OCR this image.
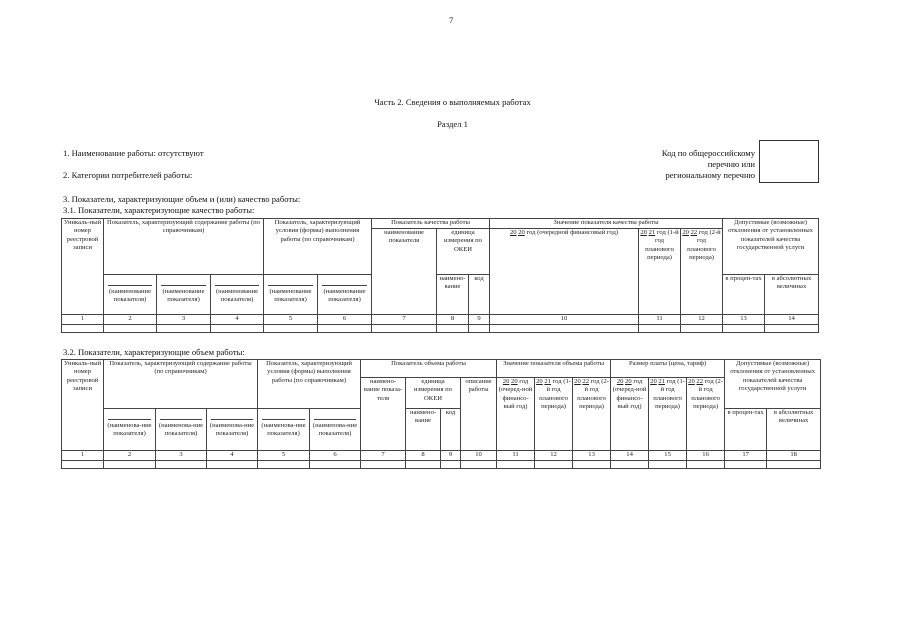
7
Часть 2. Сведения о выполняемых работах
Раздел 1
1. Наименование работы: отсутствуют
2. Категории потребителей работы:
Код по общероссийскому
перечню или
региональному перечню
3. Показатели, характеризующие объем и (или) качество работы:
3.1. Показатели, характеризующие качество работы:
Уникаль-ный номер реестровой записи	Показатель, характеризующий содержание работы (по справочникам)			Показатель, характеризующий условия (формы) выполнения работы (по справочникам)		Показатель качества работы			Значение показателя качества работы			Допустимые (возможные) отклонения от установленных показателей качества государственной услуги	
						наименование показателя	единица измерения по ОКЕИ		20 20 год (очередной финансовый год)	20 21 год (1-й год планового периода)	20 22 год (2-й год планового периода)		

(наименование показателя)	(наименование показателя)	(наименование показателя)	(наименование показателя)	(наименование показателя)		наимено-вание	код				в процен-тах	в абсолютных величинах
1	2	3	4	5	6	7	8	9	10	11	12	13	14

3.2. Показатели, характеризующие объем работы:
Уникаль-ный номер реестровой записи	Показатель, характеризующий содержание работы (по справочникам)			Показатель, характеризующий условия (формы) выполнения работы (по справочникам)		Показатель объема работы				Значение показателя объема работы			Размер платы (цена, тариф)			Допустимые (возможные) отклонения от установленных показателей качества государственной услуги	
						наимено-вание показа-теля	единица измерения по ОКЕИ		описание работы	20 20 год (очеред-ной финансо-вый год)	20 21 год (1-й год планового периода)	20 22 год (2-й год планового периода)	20 20 год (очеред-ной финансо-вый год)	20 21 год (1-й год планового периода)	20 22 год (2-й год планового периода)		

(наименова-ние показателя)	(наименова-ние показателя)	(наименова-ние показателя)	(наименова-ние показателя)	(наименова-ние показателя)		наимено-вание	код								в процен-тах	в абсолютных величинах
1	2	3	4	5	6	7	8	9	10	11	12	13	14	15	16	17	18
